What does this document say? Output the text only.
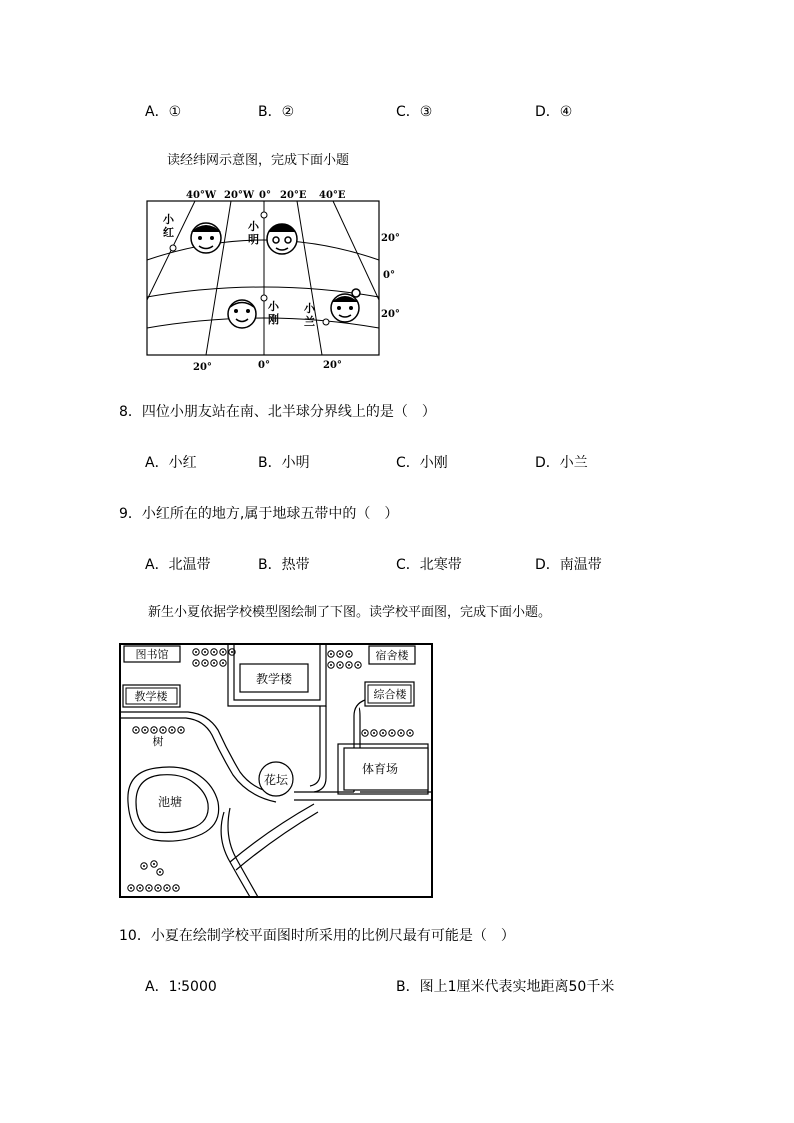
A．①	B．②	C．③	D．④
读经纬网示意图，完成下面小题
小
红	小
明
小
刚
小
兰
40°W 20°W 0° 20°E 40°E
20°
0°
20°
20°	0°	20°
8．四位小朋友站在南、北半球分界线上的是（　）
A．小红	B．小明	C．小刚	D．小兰
9．小红所在的地方,属于地球五带中的（　）
A．北温带	B．热带	C．北寒带	D．南温带
新生小夏依据学校模型图绘制了下图。读学校平面图，完成下面小题。
图书馆
教学楼
教学楼
宿舍楼
综合楼
树
体育场
花坛
池塘
10．小夏在绘制学校平面图时所采用的比例尺最有可能是（　）
A．1∶5000	B．图上1厘米代表实地距离50千米
